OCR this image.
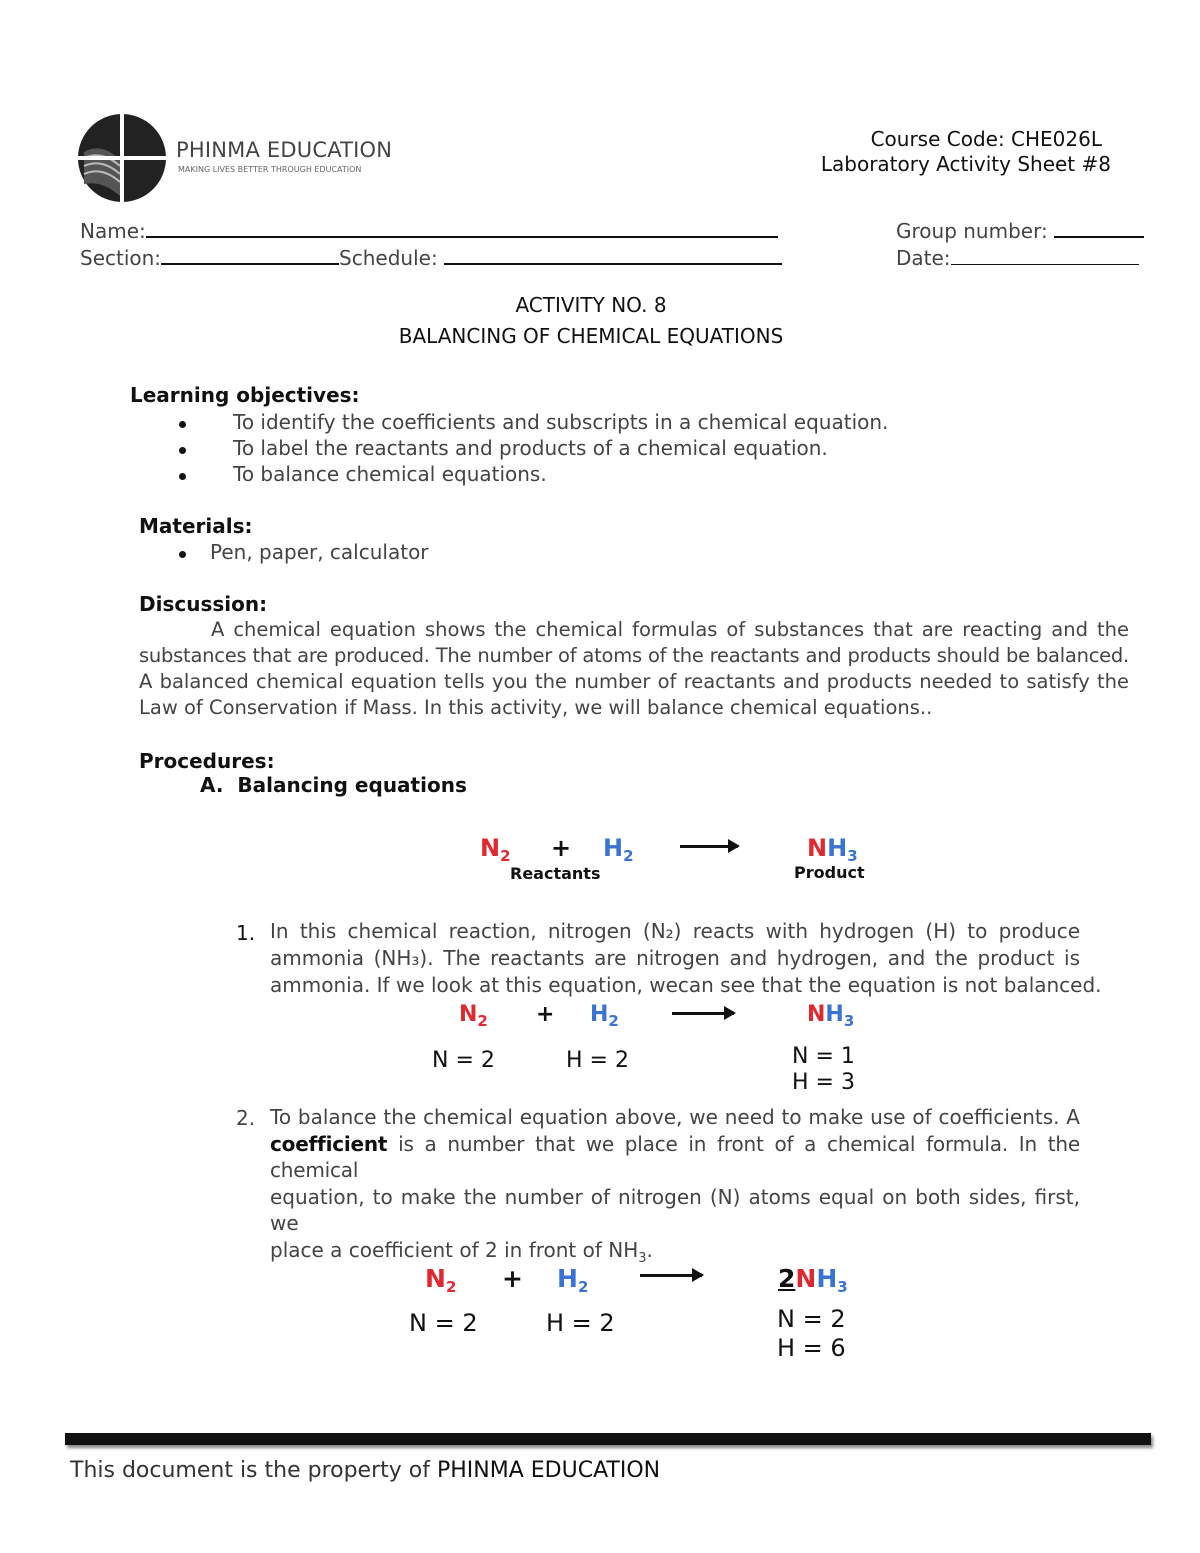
PHINMA EDUCATION
MAKING LIVES BETTER THROUGH EDUCATION
Course Code: CHE026L
Laboratory Activity Sheet #8
Name:
Section:	Schedule:
Group number:
Date:
ACTIVITY NO. 8
BALANCING OF CHEMICAL EQUATIONS
Learning objectives:
To identify the coefficients and subscripts in a chemical equation.
To label the reactants and products of a chemical equation.
To balance chemical equations.
Materials:
Pen, paper, calculator
Discussion:
A chemical equation shows the chemical formulas of substances that are reacting and the
substances that are produced. The number of atoms of the reactants and products should be balanced.
A balanced chemical equation tells you the number of reactants and products needed to satisfy the
Law of Conservation if Mass. In this activity, we will balance chemical equations..
Procedures:
A.  Balancing equations
$N_2 + H_2$	$NH_3$
Reactants	Product
1. In this chemical reaction, nitrogen (N₂) reacts with hydrogen (H) to produce
ammonia (NH₃). The reactants are nitrogen and hydrogen, and the product is
ammonia. If we look at this equation, wecan see that the equation is not balanced.
$N_2 + H_2$	$NH_3$
N = 2	H = 2	N = 1
H = 3
2. To balance the chemical equation above, we need to make use of coefficients. A
coefficient is a number that we place in front of a chemical formula. In the chemical
equation, to make the number of nitrogen (N) atoms equal on both sides, first, we
place a coefficient of 2 in front of $NH_3$.
$N_2 + H_2$	$2NH_3$
N = 2	H = 2	N = 2
H = 6
This document is the property of PHINMA EDUCATION
